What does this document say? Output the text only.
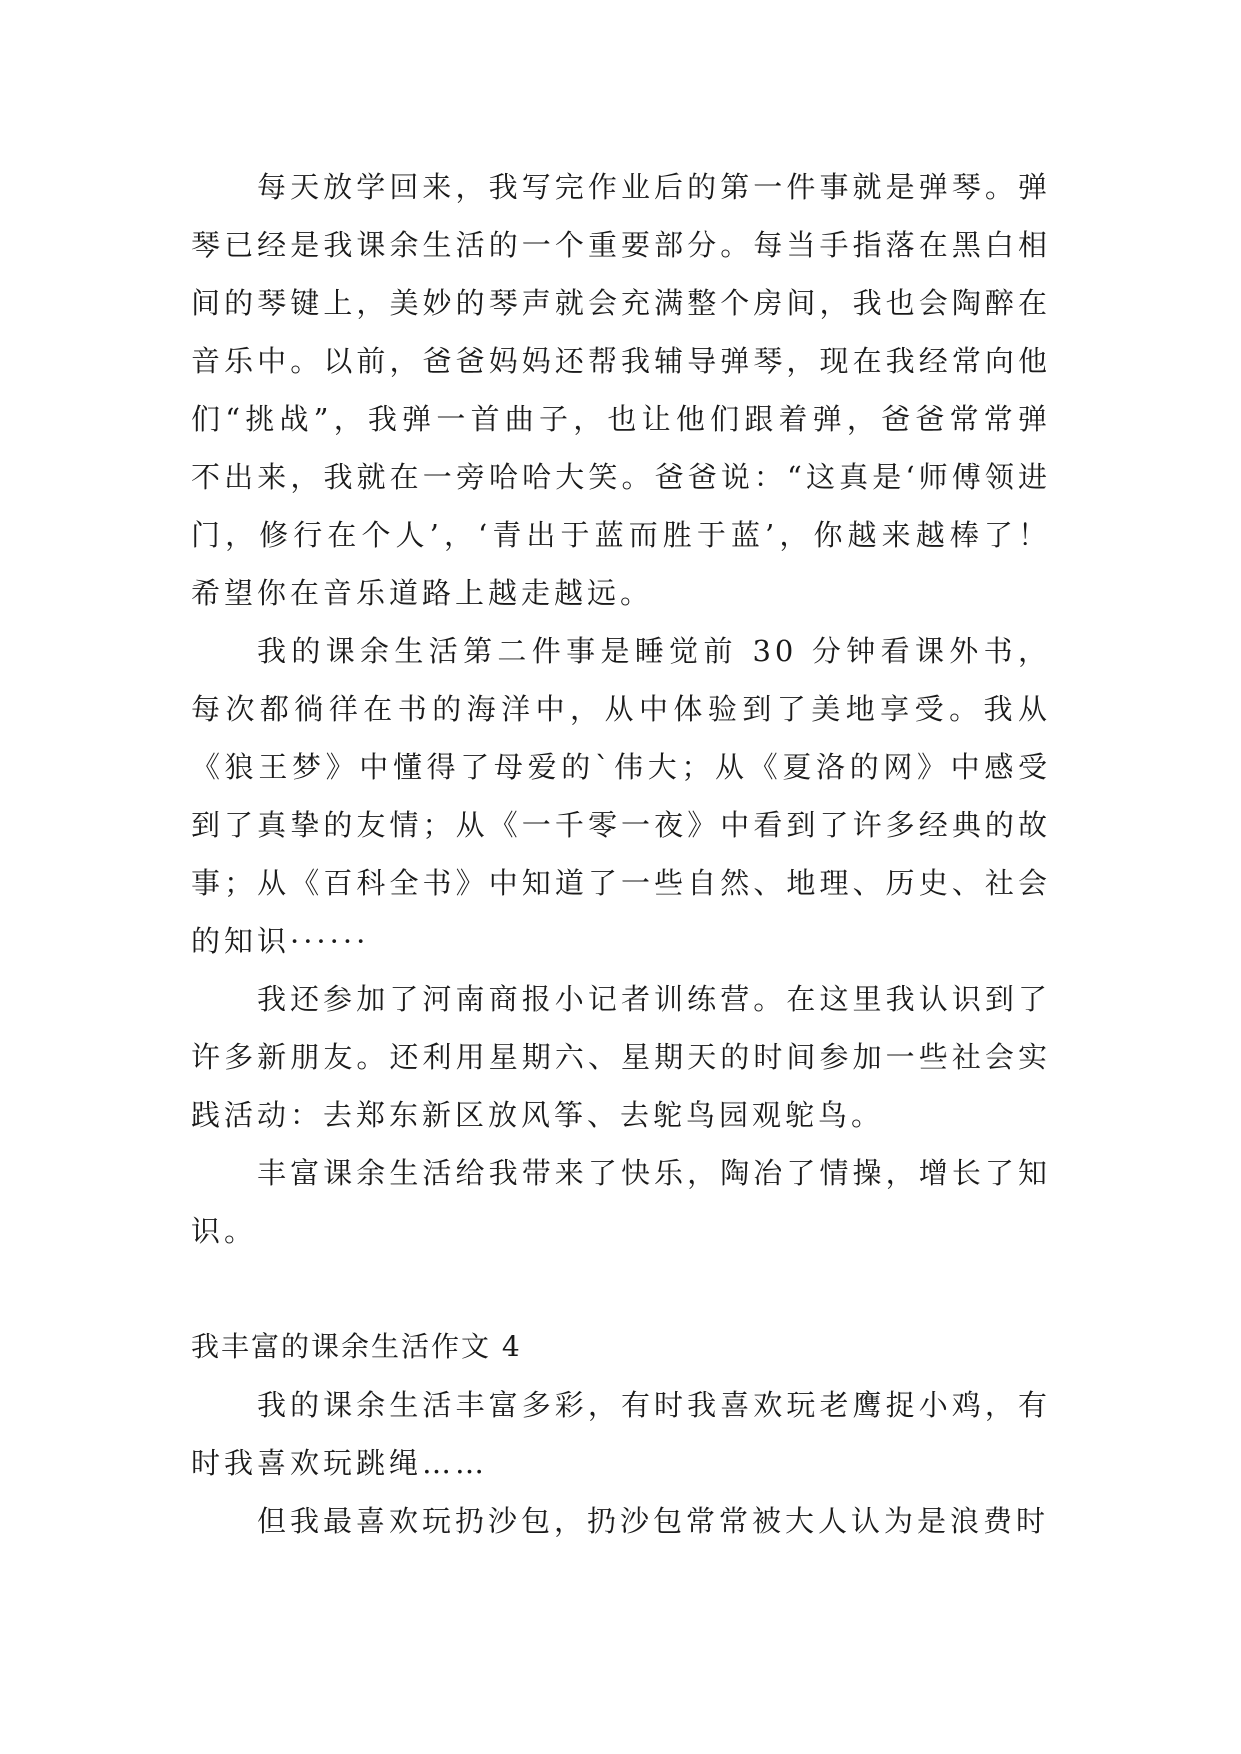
每天放学回来，我写完作业后的第一件事就是弹琴。弹琴已经是我课余生活的一个重要部分。每当手指落在黑白相间的琴键上，美妙的琴声就会充满整个房间，我也会陶醉在音乐中。以前，爸爸妈妈还帮我辅导弹琴，现在我经常向他们“挑战”，我弹一首曲子，也让他们跟着弹，爸爸常常弹不出来，我就在一旁哈哈大笑。爸爸说：“这真是‘师傅领进门，修行在个人’，‘青出于蓝而胜于蓝’，你越来越棒了！希望你在音乐道路上越走越远。

我的课余生活第二件事是睡觉前 30 分钟看课外书，每次都徜徉在书的海洋中，从中体验到了美地享受。我从《狼王梦》中懂得了母爱的`伟大；从《夏洛的网》中感受到了真挚的友情；从《一千零一夜》中看到了许多经典的故事；从《百科全书》中知道了一些自然、地理、历史、社会的知识······

我还参加了河南商报小记者训练营。在这里我认识到了许多新朋友。还利用星期六、星期天的时间参加一些社会实践活动：去郑东新区放风筝、去鸵鸟园观鸵鸟。

丰富课余生活给我带来了快乐，陶冶了情操，增长了知识。

我丰富的课余生活作文 4

我的课余生活丰富多彩，有时我喜欢玩老鹰捉小鸡，有时我喜欢玩跳绳……

但我最喜欢玩扔沙包，扔沙包常常被大人认为是浪费时
